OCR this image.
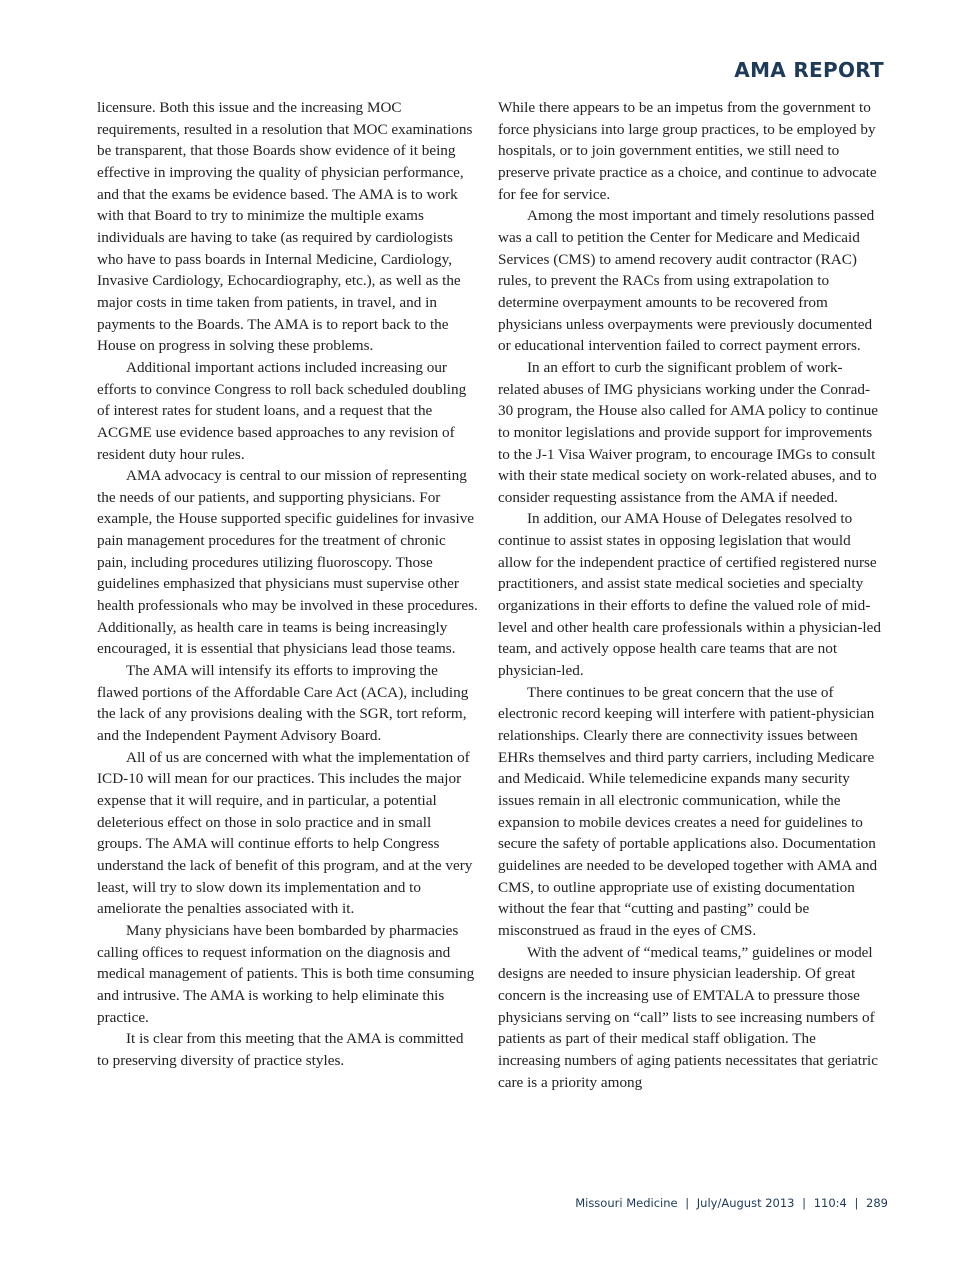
AMA REPORT

licensure. Both this issue and the increasing MOC requirements, resulted in a resolution that MOC examinations be transparent, that those Boards show evidence of it being effective in improving the quality of physician performance, and that the exams be evidence based. The AMA is to work with that Board to try to minimize the multiple exams individuals are having to take (as required by cardiologists who have to pass boards in Internal Medicine, Cardiology, Invasive Cardiology, Echocardiography, etc.), as well as the major costs in time taken from patients, in travel, and in payments to the Boards. The AMA is to report back to the House on progress in solving these problems.

Additional important actions included increasing our efforts to convince Congress to roll back scheduled doubling of interest rates for student loans, and a request that the ACGME use evidence based approaches to any revision of resident duty hour rules.

AMA advocacy is central to our mission of representing the needs of our patients, and supporting physicians. For example, the House supported specific guidelines for invasive pain management procedures for the treatment of chronic pain, including procedures utilizing fluoroscopy. Those guidelines emphasized that physicians must supervise other health professionals who may be involved in these procedures. Additionally, as health care in teams is being increasingly encouraged, it is essential that physicians lead those teams.

The AMA will intensify its efforts to improving the flawed portions of the Affordable Care Act (ACA), including the lack of any provisions dealing with the SGR, tort reform, and the Independent Payment Advisory Board.

All of us are concerned with what the implementation of ICD-10 will mean for our practices. This includes the major expense that it will require, and in particular, a potential deleterious effect on those in solo practice and in small groups. The AMA will continue efforts to help Congress understand the lack of benefit of this program, and at the very least, will try to slow down its implementation and to ameliorate the penalties associated with it.

Many physicians have been bombarded by pharmacies calling offices to request information on the diagnosis and medical management of patients. This is both time consuming and intrusive. The AMA is working to help eliminate this practice.

It is clear from this meeting that the AMA is committed to preserving diversity of practice styles.

While there appears to be an impetus from the government to force physicians into large group practices, to be employed by hospitals, or to join government entities, we still need to preserve private practice as a choice, and continue to advocate for fee for service.

Among the most important and timely resolutions passed was a call to petition the Center for Medicare and Medicaid Services (CMS) to amend recovery audit contractor (RAC) rules, to prevent the RACs from using extrapolation to determine overpayment amounts to be recovered from physicians unless overpayments were previously documented or educational intervention failed to correct payment errors.

In an effort to curb the significant problem of work-related abuses of IMG physicians working under the Conrad-30 program, the House also called for AMA policy to continue to monitor legislations and provide support for improvements to the J-1 Visa Waiver program, to encourage IMGs to consult with their state medical society on work-related abuses, and to consider requesting assistance from the AMA if needed.

In addition, our AMA House of Delegates resolved to continue to assist states in opposing legislation that would allow for the independent practice of certified registered nurse practitioners, and assist state medical societies and specialty organizations in their efforts to define the valued role of mid-level and other health care professionals within a physician-led team, and actively oppose health care teams that are not physician-led.

There continues to be great concern that the use of electronic record keeping will interfere with patient-physician relationships. Clearly there are connectivity issues between EHRs themselves and third party carriers, including Medicare and Medicaid. While telemedicine expands many security issues remain in all electronic communication, while the expansion to mobile devices creates a need for guidelines to secure the safety of portable applications also. Documentation guidelines are needed to be developed together with AMA and CMS, to outline appropriate use of existing documentation without the fear that “cutting and pasting” could be misconstrued as fraud in the eyes of CMS.

With the advent of “medical teams,” guidelines or model designs are needed to insure physician leadership. Of great concern is the increasing use of EMTALA to pressure those physicians serving on “call” lists to see increasing numbers of patients as part of their medical staff obligation. The increasing numbers of aging patients necessitates that geriatric care is a priority among

Missouri Medicine | July/August 2013 | 110:4 | 289
